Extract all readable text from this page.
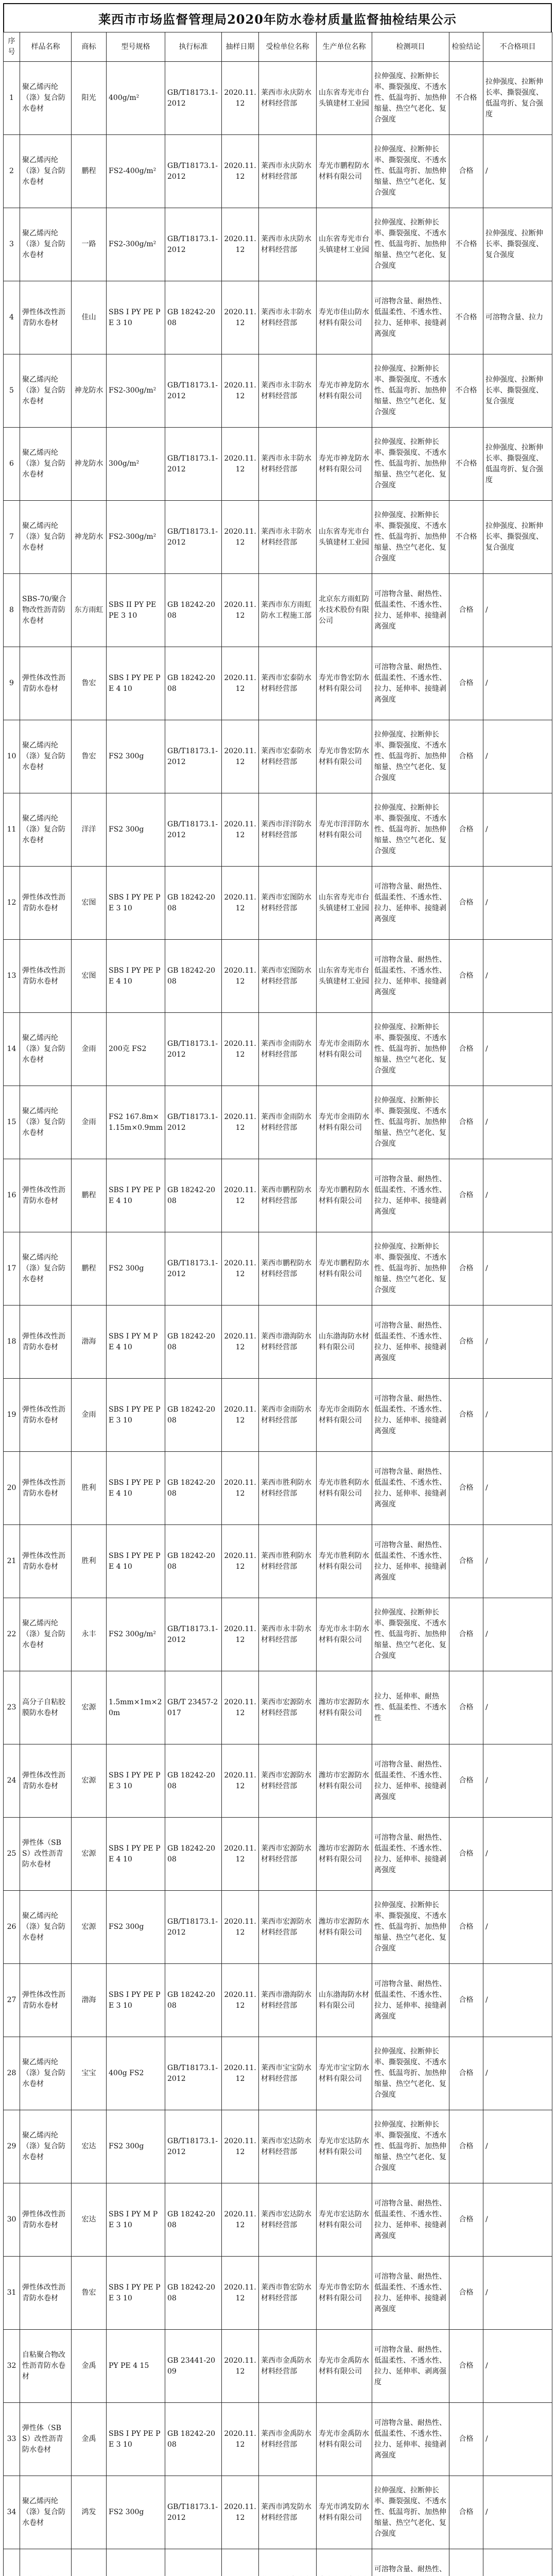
莱西市市场监督管理局2020年防水卷材质量监督抽检结果公示
序号	样品名称	商标	型号规格	执行标准	抽样日期	受检单位名称	生产单位名称	检测项目	检验结论	不合格项目
1	聚乙烯丙纶（涤）复合防水卷材	阳光	400g/m²	GB/T18173.1-2012	2020.11.12	莱西市永庆防水材料经营部	山东省寿光市台头镇建材工业园	拉伸强度、拉断伸长率、撕裂强度、不透水性、低温弯折、加热伸缩量、热空气老化、复合强度	不合格	拉伸强度、拉断伸长率、撕裂强度、低温弯折、复合强度
2	聚乙烯丙纶（涤）复合防水卷材	鹏程	FS2-400g/m²	GB/T18173.1-2012	2020.11.12	莱西市永庆防水材料经营部	寿光市鹏程防水材料有限公司	拉伸强度、拉断伸长率、撕裂强度、不透水性、低温弯折、加热伸缩量、热空气老化、复合强度	合格	/
3	聚乙烯丙纶（涤）复合防水卷材	一路	FS2-300g/m²	GB/T18173.1-2012	2020.11.12	莱西市永庆防水材料经营部	山东省寿光市台头镇建材工业园	拉伸强度、拉断伸长率、撕裂强度、不透水性、低温弯折、加热伸缩量、热空气老化、复合强度	不合格	拉伸强度、拉断伸长率、撕裂强度、复合强度
4	弹性体改性沥青防水卷材	佳山	SBS I PY PE PE 3 10	GB 18242-2008	2020.11.12	莱西市永丰防水材料经营部	寿光市佳山防水材料有限公司	可溶物含量、耐热性、低温柔性、不透水性、拉力、延伸率、接缝剥离强度	不合格	可溶物含量、拉力
5	聚乙烯丙纶（涤）复合防水卷材	神龙防水	FS2-300g/m²	GB/T18173.1-2012	2020.11.12	莱西市永丰防水材料经营部	寿光市神龙防水材料有限公司	拉伸强度、拉断伸长率、撕裂强度、不透水性、低温弯折、加热伸缩量、热空气老化、复合强度	不合格	拉伸强度、拉断伸长率、撕裂强度、复合强度
6	聚乙烯丙纶（涤）复合防水卷材	神龙防水	300g/m²	GB/T18173.1-2012	2020.11.12	莱西市永丰防水材料经营部	寿光市神龙防水材料有限公司	拉伸强度、拉断伸长率、撕裂强度、不透水性、低温弯折、加热伸缩量、热空气老化、复合强度	不合格	拉伸强度、拉断伸长率、撕裂强度、低温弯折、复合强度
7	聚乙烯丙纶（涤）复合防水卷材	神龙防水	FS2-300g/m²	GB/T18173.1-2012	2020.11.12	莱西市永丰防水材料经营部	山东省寿光市台头镇建材工业园	拉伸强度、拉断伸长率、撕裂强度、不透水性、低温弯折、加热伸缩量、热空气老化、复合强度	不合格	拉伸强度、拉断伸长率、撕裂强度、复合强度
8	SBS-70/聚合物改性沥青防水卷材	东方雨虹	SBS II PY PE PE 3 10	GB 18242-2008	2020.11.12	莱西市东方雨虹防水工程施工部	北京东方雨虹防水技术股份有限公司	可溶物含量、耐热性、低温柔性、不透水性、拉力、延伸率、接缝剥离强度	合格	/
9	弹性体改性沥青防水卷材	鲁宏	SBS I PY PE PE 4 10	GB 18242-2008	2020.11.12	莱西市宏泰防水材料经营部	寿光市鲁宏防水材料有限公司	可溶物含量、耐热性、低温柔性、不透水性、拉力、延伸率、接缝剥离强度	合格	/
10	聚乙烯丙纶（涤）复合防水卷材	鲁宏	FS2 300g	GB/T18173.1-2012	2020.11.12	莱西市宏泰防水材料经营部	寿光市鲁宏防水材料有限公司	拉伸强度、拉断伸长率、撕裂强度、不透水性、低温弯折、加热伸缩量、热空气老化、复合强度	合格	/
11	聚乙烯丙纶（涤）复合防水卷材	洋洋	FS2 300g	GB/T18173.1-2012	2020.11.12	莱西市洋洋防水材料经营部	寿光市洋洋防水材料有限公司	拉伸强度、拉断伸长率、撕裂强度、不透水性、低温弯折、加热伸缩量、热空气老化、复合强度	合格	/
12	弹性体改性沥青防水卷材	宏图	SBS I PY PE PE 3 10	GB 18242-2008	2020.11.12	莱西市宏图防水材料经营部	山东省寿光市台头镇建材工业园	可溶物含量、耐热性、低温柔性、不透水性、拉力、延伸率、接缝剥离强度	合格	/
13	弹性体改性沥青防水卷材	宏图	SBS I PY PE PE 4 10	GB 18242-2008	2020.11.12	莱西市宏图防水材料经营部	山东省寿光市台头镇建材工业园	可溶物含量、耐热性、低温柔性、不透水性、拉力、延伸率、接缝剥离强度	合格	/
14	聚乙烯丙纶（涤）复合防水卷材	金雨	200克 FS2	GB/T18173.1-2012	2020.11.12	莱西市金雨防水材料经营部	寿光市金雨防水材料有限公司	拉伸强度、拉断伸长率、撕裂强度、不透水性、低温弯折、加热伸缩量、热空气老化、复合强度	合格	/
15	聚乙烯丙纶（涤）复合防水卷材	金雨	FS2 167.8m×1.15m×0.9mm	GB/T18173.1-2012	2020.11.12	莱西市金雨防水材料经营部	寿光市金雨防水材料有限公司	拉伸强度、拉断伸长率、撕裂强度、不透水性、低温弯折、加热伸缩量、热空气老化、复合强度	合格	/
16	弹性体改性沥青防水卷材	鹏程	SBS I PY PE PE 4 10	GB 18242-2008	2020.11.12	莱西市鹏程防水材料经营部	寿光市鹏程防水材料有限公司	可溶物含量、耐热性、低温柔性、不透水性、拉力、延伸率、接缝剥离强度	合格	/
17	聚乙烯丙纶（涤）复合防水卷材	鹏程	FS2 300g	GB/T18173.1-2012	2020.11.12	莱西市鹏程防水材料经营部	寿光市鹏程防水材料有限公司	拉伸强度、拉断伸长率、撕裂强度、不透水性、低温弯折、加热伸缩量、热空气老化、复合强度	合格	/
18	弹性体改性沥青防水卷材	渤海	SBS I PY M PE 4 10	GB 18242-2008	2020.11.12	莱西市渤海防水材料经营部	山东渤海防水材料有限公司	可溶物含量、耐热性、低温柔性、不透水性、拉力、延伸率、接缝剥离强度	合格	/
19	弹性体改性沥青防水卷材	金雨	SBS I PY PE PE 3 10	GB 18242-2008	2020.11.12	莱西市金雨防水材料经营部	寿光市金雨防水材料有限公司	可溶物含量、耐热性、低温柔性、不透水性、拉力、延伸率、接缝剥离强度	合格	/
20	弹性体改性沥青防水卷材	胜利	SBS I PY PE PE 4 10	GB 18242-2008	2020.11.12	莱西市胜利防水材料经营部	寿光市胜利防水材料有限公司	可溶物含量、耐热性、低温柔性、不透水性、拉力、延伸率、接缝剥离强度	合格	/
21	弹性体改性沥青防水卷材	胜利	SBS I PY PE PE 4 10	GB 18242-2008	2020.11.12	莱西市胜利防水材料经营部	寿光市胜利防水材料有限公司	可溶物含量、耐热性、低温柔性、不透水性、拉力、延伸率、接缝剥离强度	合格	/
22	聚乙烯丙纶（涤）复合防水卷材	永丰	FS2 300g/m²	GB/T18173.1-2012	2020.11.12	莱西市永丰防水材料经营部	寿光市永丰防水材料有限公司	拉伸强度、拉断伸长率、撕裂强度、不透水性、低温弯折、加热伸缩量、热空气老化、复合强度	合格	/
23	高分子自粘胶膜防水卷材	宏源	1.5mm×1m×20m	GB/T 23457-2017	2020.11.12	莱西市宏源防水材料经营部	潍坊市宏源防水材料有限公司	拉力、延伸率、耐热性、低温柔性、不透水性	合格	/
24	弹性体改性沥青防水卷材	宏源	SBS I PY PE PE 3 10	GB 18242-2008	2020.11.12	莱西市宏源防水材料经营部	潍坊市宏源防水材料有限公司	可溶物含量、耐热性、低温柔性、不透水性、拉力、延伸率、接缝剥离强度	合格	/
25	弹性体（SBS）改性沥青防水卷材	宏源	SBS I PY PE PE 4 10	GB 18242-2008	2020.11.12	莱西市宏源防水材料经营部	潍坊市宏源防水材料有限公司	可溶物含量、耐热性、低温柔性、不透水性、拉力、延伸率、接缝剥离强度	合格	/
26	聚乙烯丙纶（涤）复合防水卷材	宏源	FS2 300g	GB/T18173.1-2012	2020.11.12	莱西市宏源防水材料经营部	潍坊市宏源防水材料有限公司	拉伸强度、拉断伸长率、撕裂强度、不透水性、低温弯折、加热伸缩量、热空气老化、复合强度	合格	/
27	弹性体改性沥青防水卷材	渤海	SBS I PY PE PE 3 10	GB 18242-2008	2020.11.12	莱西市渤海防水材料经营部	山东渤海防水材料有限公司	可溶物含量、耐热性、低温柔性、不透水性、拉力、延伸率、接缝剥离强度	合格	/
28	聚乙烯丙纶（涤）复合防水卷材	宝宝	400g FS2	GB/T18173.1-2012	2020.11.12	莱西市宝宝防水材料经营部	寿光市宝宝防水材料有限公司	拉伸强度、拉断伸长率、撕裂强度、不透水性、低温弯折、加热伸缩量、热空气老化、复合强度	合格	/
29	聚乙烯丙纶（涤）复合防水卷材	宏达	FS2 300g	GB/T18173.1-2012	2020.11.12	莱西市宏达防水材料经营部	寿光市宏达防水材料有限公司	拉伸强度、拉断伸长率、撕裂强度、不透水性、低温弯折、加热伸缩量、热空气老化、复合强度	合格	/
30	弹性体改性沥青防水卷材	宏达	SBS I PY M PE 3 10	GB 18242-2008	2020.11.12	莱西市宏达防水材料经营部	寿光市宏达防水材料有限公司	可溶物含量、耐热性、低温柔性、不透水性、拉力、延伸率、接缝剥离强度	合格	/
31	弹性体改性沥青防水卷材	鲁宏	SBS I PY PE PE 3 10	GB 18242-2008	2020.11.12	莱西市鲁宏防水材料经营部	寿光市鲁宏防水材料有限公司	可溶物含量、耐热性、低温柔性、不透水性、拉力、延伸率、接缝剥离强度	合格	/
32	自粘聚合物改性沥青防水卷材	金禹	PY PE 4 15	GB 23441-2009	2020.11.12	莱西市金禹防水材料经营部	寿光市金禹防水材料有限公司	可溶物含量、耐热性、低温柔性、不透水性、拉力、延伸率、剥离强度	合格	/
33	弹性体（SBS）改性沥青防水卷材	金禹	SBS I PY PE PE 3 10	GB 18242-2008	2020.11.12	莱西市金禹防水材料经营部	寿光市金禹防水材料有限公司	可溶物含量、耐热性、低温柔性、不透水性、拉力、延伸率、接缝剥离强度	合格	/
34	聚乙烯丙纶（涤）复合防水卷材	鸿发	FS2 300g	GB/T18173.1-2012	2020.11.12	莱西市鸿发防水材料经营部	寿光市鸿发防水材料有限公司	拉伸强度、拉断伸长率、撕裂强度、不透水性、低温弯折、加热伸缩量、热空气老化、复合强度	合格	/
								可溶物含量、耐热性、		
